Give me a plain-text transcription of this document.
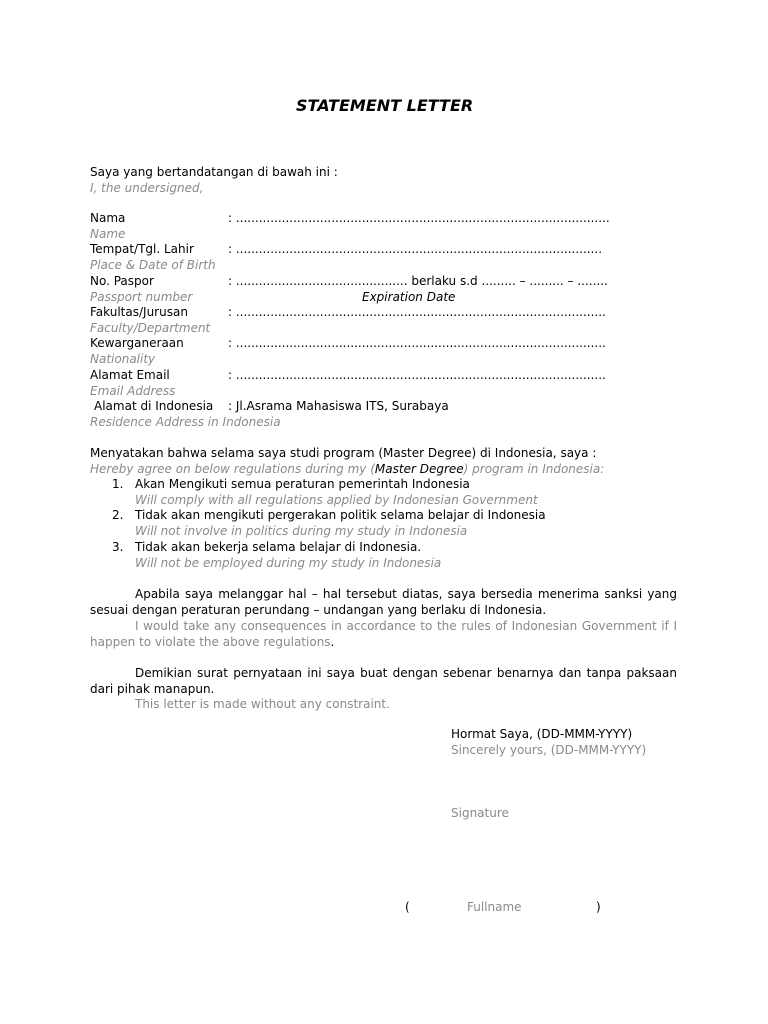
STATEMENT LETTER
Saya yang bertandatangan di bawah ini :
I, the undersigned,
Nama	: ..................................................................................................
Name
Tempat/Tgl. Lahir	: ................................................................................................
Place & Date of Birth
No. Paspor	: ............................................. berlaku s.d ......... – ......... – ........
Passport number	Expiration Date
Fakultas/Jurusan	: .................................................................................................
Faculty/Department
Kewarganeraan	: .................................................................................................
Nationality
Alamat Email	: .................................................................................................
Email Address
Alamat di Indonesia : Jl.Asrama Mahasiswa ITS, Surabaya
Residence Address in Indonesia
Menyatakan bahwa selama saya studi program (Master Degree) di Indonesia, saya :
Hereby agree on below regulations during my (Master Degree) program in Indonesia:
1. Akan Mengikuti semua peraturan pemerintah Indonesia
Will comply with all regulations applied by Indonesian Government
2. Tidak akan mengikuti pergerakan politik selama belajar di Indonesia
Will not involve in politics during my study in Indonesia
3. Tidak akan bekerja selama belajar di Indonesia.
Will not be employed during my study in Indonesia
Apabila saya melanggar hal – hal tersebut diatas, saya bersedia menerima sanksi yang sesuai dengan peraturan perundang – undangan yang berlaku di Indonesia.
I would take any consequences in accordance to the rules of Indonesian Government if I happen to violate the above regulations.
Demikian surat pernyataan ini saya buat dengan sebenar benarnya dan tanpa paksaan dari pihak manapun.
This letter is made without any constraint.
Hormat Saya, (DD-MMM-YYYY)
Sincerely yours, (DD-MMM-YYYY)
Signature
(	Fullname	)
